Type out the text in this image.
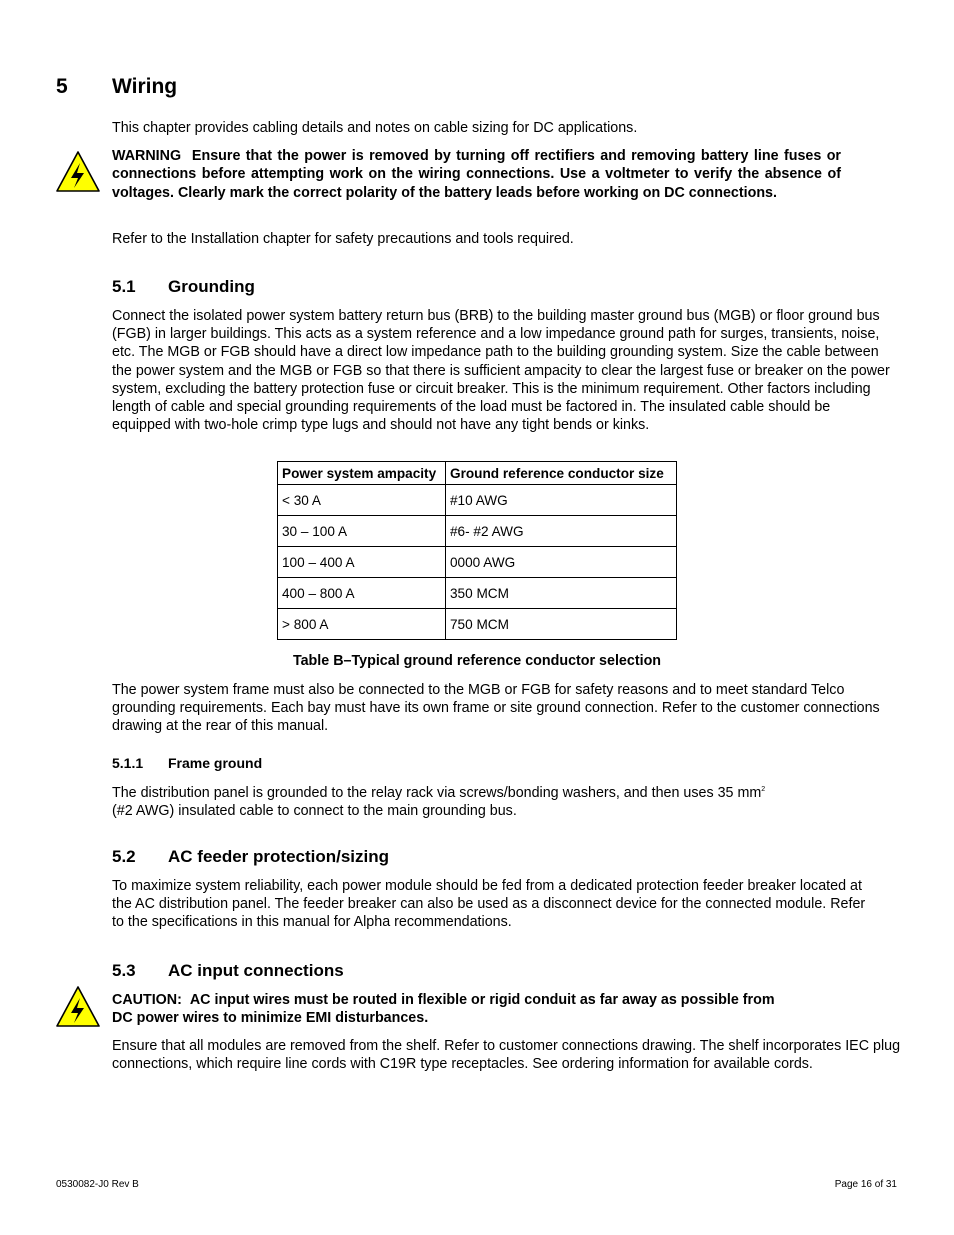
5 Wiring
This chapter provides cabling details and notes on cable sizing for DC applications.
WARNING Ensure that the power is removed by turning off rectifiers and removing battery line fuses or connections before attempting work on the wiring connections. Use a voltmeter to verify the absence of voltages. Clearly mark the correct polarity of the battery leads before working on DC connections.
Refer to the Installation chapter for safety precautions and tools required.
5.1 Grounding
Connect the isolated power system battery return bus (BRB) to the building master ground bus (MGB) or floor ground bus (FGB) in larger buildings. This acts as a system reference and a low impedance ground path for surges, transients, noise, etc. The MGB or FGB should have a direct low impedance path to the building grounding system. Size the cable between the power system and the MGB or FGB so that there is sufficient ampacity to clear the largest fuse or breaker on the power system, excluding the battery protection fuse or circuit breaker. This is the minimum requirement. Other factors including length of cable and special grounding requirements of the load must be factored in. The insulated cable should be equipped with two-hole crimp type lugs and should not have any tight bends or kinks.
Power system ampacity	Ground reference conductor size
< 30 A	#10 AWG
30 – 100 A	#6- #2 AWG
100 – 400 A	0000 AWG
400 – 800 A	350 MCM
> 800 A	750 MCM
Table B–Typical ground reference conductor selection
The power system frame must also be connected to the MGB or FGB for safety reasons and to meet standard Telco grounding requirements. Each bay must have its own frame or site ground connection. Refer to the customer connections drawing at the rear of this manual.
5.1.1 Frame ground
The distribution panel is grounded to the relay rack via screws/bonding washers, and then uses 35 $mm^2$
(#2 AWG) insulated cable to connect to the main grounding bus.
5.2 AC feeder protection/sizing
To maximize system reliability, each power module should be fed from a dedicated protection feeder breaker located at the AC distribution panel. The feeder breaker can also be used as a disconnect device for the connected module. Refer to the specifications in this manual for Alpha recommendations.
5.3 AC input connections
CAUTION: AC input wires must be routed in flexible or rigid conduit as far away as possible from
DC power wires to minimize EMI disturbances.
Ensure that all modules are removed from the shelf. Refer to customer connections drawing. The shelf incorporates IEC plug connections, which require line cords with C19R type receptacles. See ordering information for available cords.
0530082-J0 Rev B	Page 16 of 31
